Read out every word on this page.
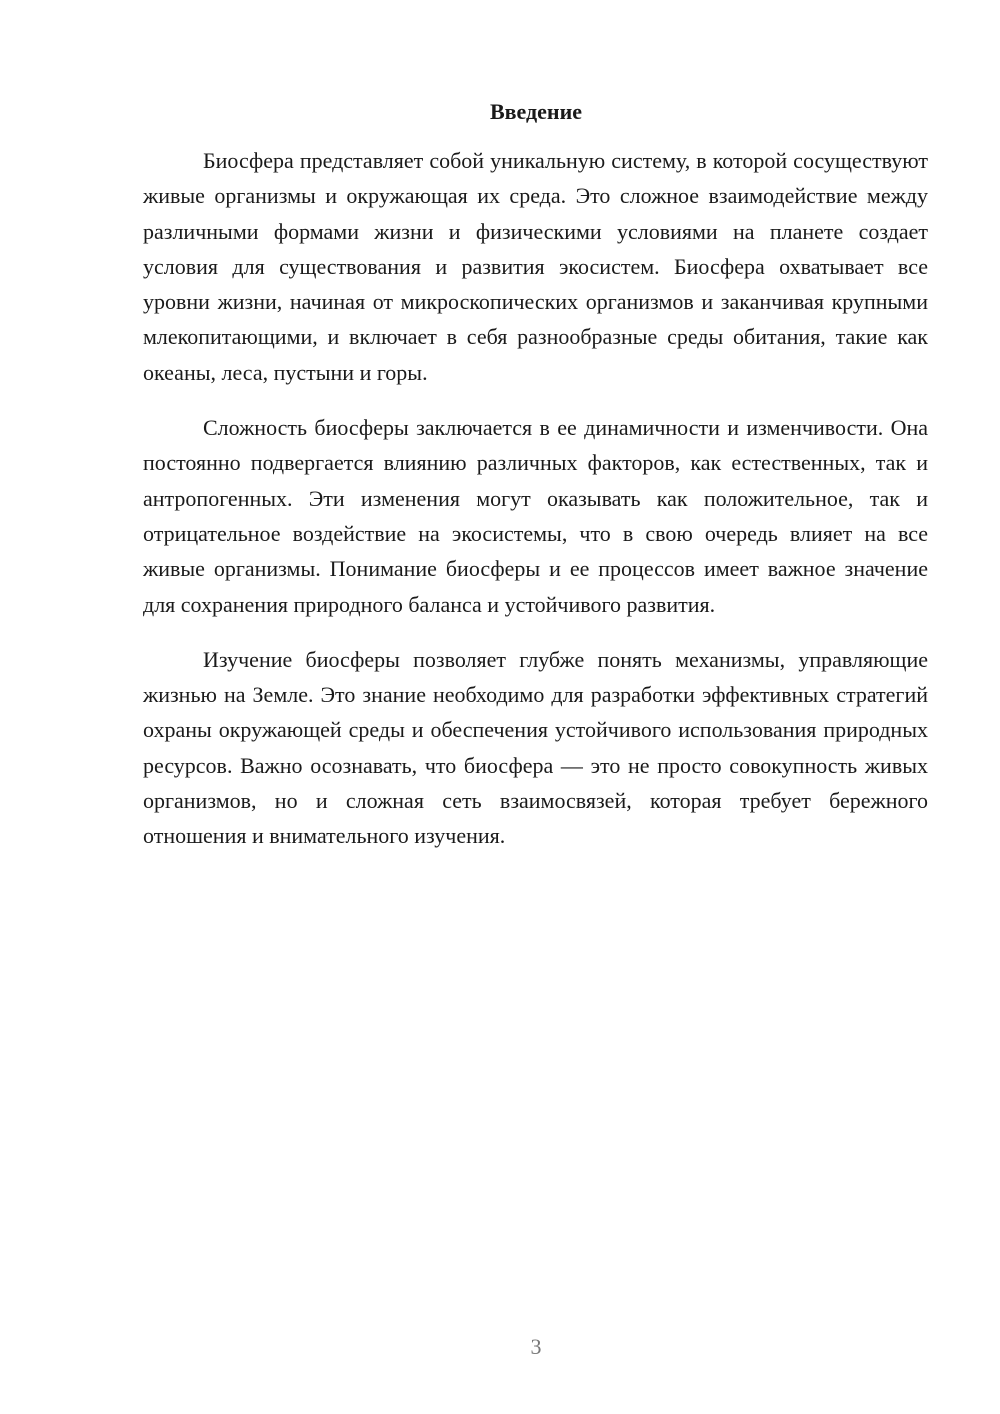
Введение

Биосфера представляет собой уникальную систему, в которой сосуществуют живые организмы и окружающая их среда. Это сложное взаимодействие между различными формами жизни и физическими условиями на планете создает условия для существования и развития экосистем. Биосфера охватывает все уровни жизни, начиная от микроскопических организмов и заканчивая крупными млекопитающими, и включает в себя разнообразные среды обитания, такие как океаны, леса, пустыни и горы.

Сложность биосферы заключается в ее динамичности и изменчивости. Она постоянно подвергается влиянию различных факторов, как естественных, так и антропогенных. Эти изменения могут оказывать как положительное, так и отрицательное воздействие на экосистемы, что в свою очередь влияет на все живые организмы. Понимание биосферы и ее процессов имеет важное значение для сохранения природного баланса и устойчивого развития.

Изучение биосферы позволяет глубже понять механизмы, управляющие жизнью на Земле. Это знание необходимо для разработки эффективных стратегий охраны окружающей среды и обеспечения устойчивого использования природных ресурсов. Важно осознавать, что биосфера — это не просто совокупность живых организмов, но и сложная сеть взаимосвязей, которая требует бережного отношения и внимательного изучения.

3
